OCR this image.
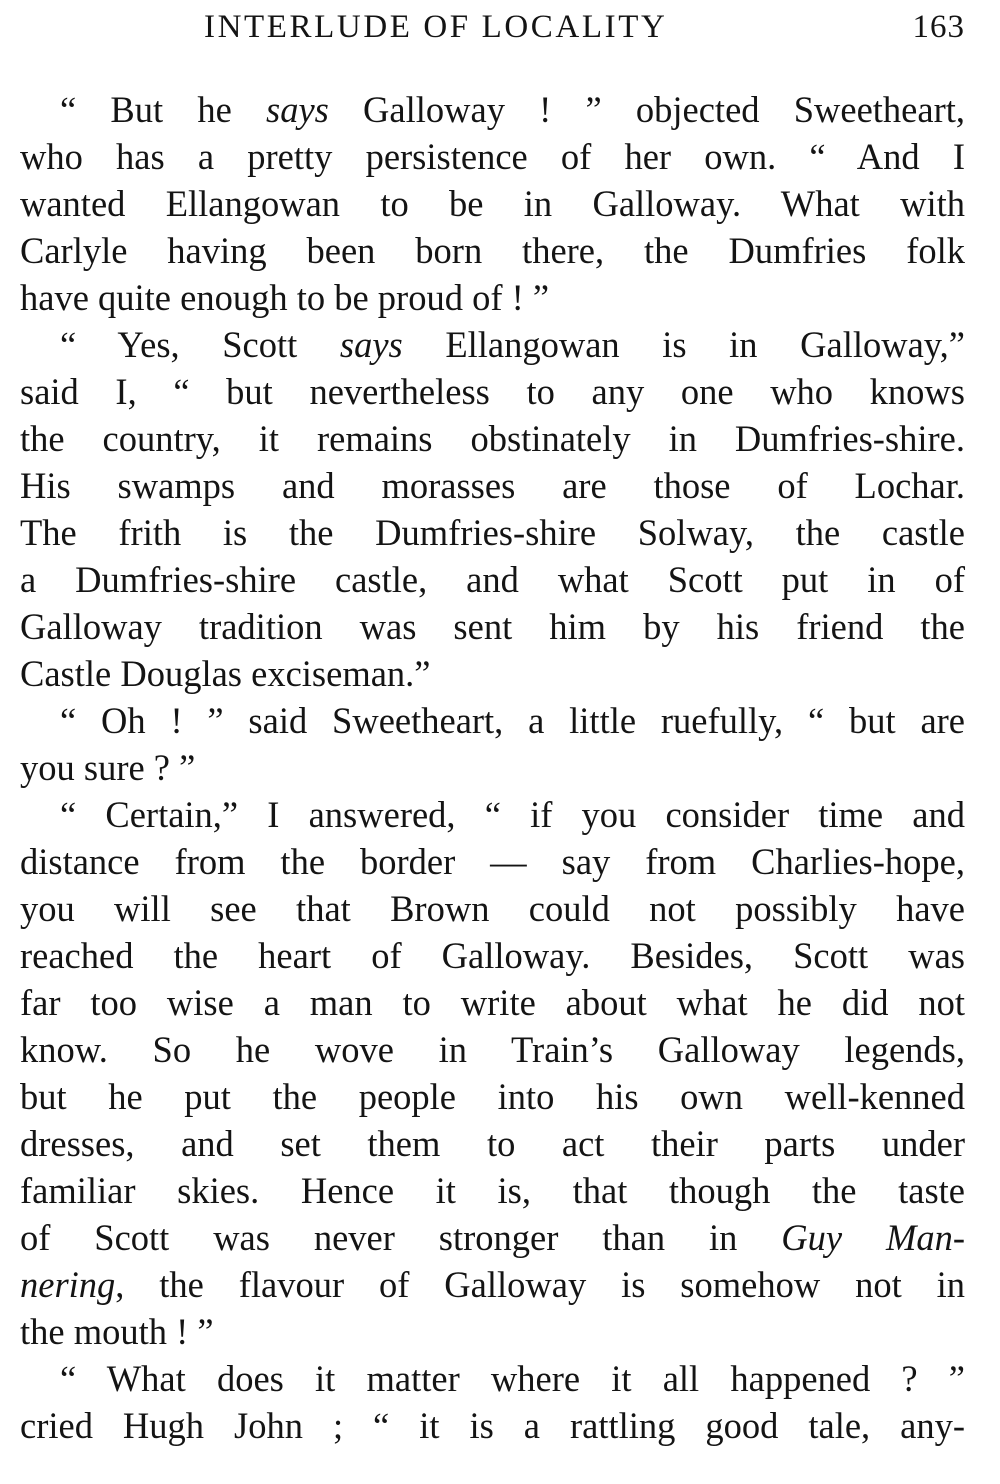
INTERLUDE OF LOCALITY	163
“ But he says Galloway ! ” objected Sweetheart,
who has a pretty persistence of her own. “ And I
wanted Ellangowan to be in Galloway. What with
Carlyle having been born there, the Dumfries folk
have quite enough to be proud of ! ”
“ Yes, Scott says Ellangowan is in Galloway,”
said I, “ but nevertheless to any one who knows
the country, it remains obstinately in Dumfries-shire.
His swamps and morasses are those of Lochar.
The frith is the Dumfries-shire Solway, the castle
a Dumfries-shire castle, and what Scott put in of
Galloway tradition was sent him by his friend the
Castle Douglas exciseman.”
“ Oh ! ” said Sweetheart, a little ruefully, “ but are
you sure ? ”
“ Certain,” I answered, “ if you consider time and
distance from the border — say from Charlies-hope,
you will see that Brown could not possibly have
reached the heart of Galloway. Besides, Scott was
far too wise a man to write about what he did not
know. So he wove in Train’s Galloway legends,
but he put the people into his own well-kenned
dresses, and set them to act their parts under
familiar skies. Hence it is, that though the taste
of Scott was never stronger than in Guy Man-
nering, the flavour of Galloway is somehow not in
the mouth ! ”
“ What does it matter where it all happened ? ”
cried Hugh John ; “ it is a rattling good tale, any-
